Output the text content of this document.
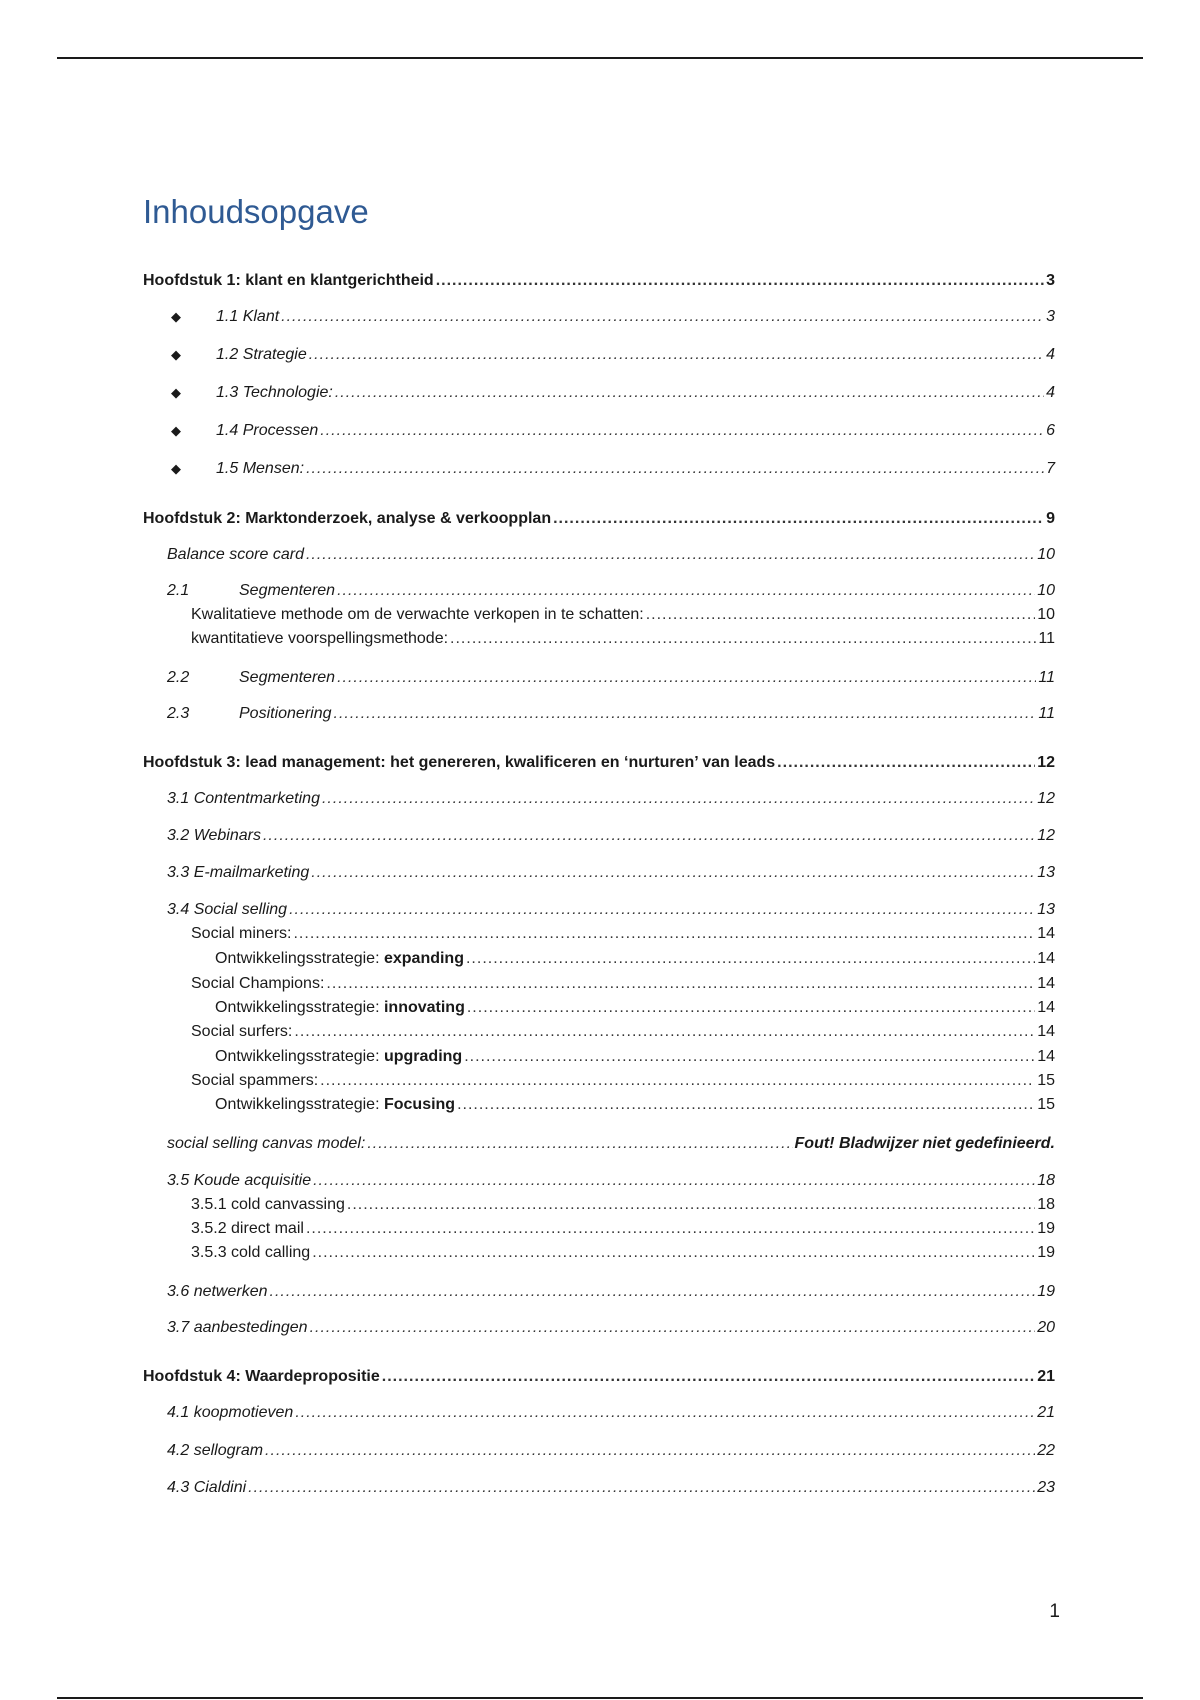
Inhoudsopgave
Hoofdstuk 1: klant en klantgerichtheid .....	3
◆ 1.1 Klant .....	3
◆ 1.2 Strategie .....	4
◆ 1.3 Technologie: .....	4
◆ 1.4 Processen .....	6
◆ 1.5 Mensen: .....	7
Hoofdstuk 2: Marktonderzoek, analyse & verkoopplan .....	9
Balance score card .....	10
2.1	Segmenteren .....	10
Kwalitatieve methode om de verwachte verkopen in te schatten: .....	10
kwantitatieve voorspellingsmethode: .....	11
2.2	Segmenteren .....	11
2.3	Positionering .....	11
Hoofdstuk 3: lead management: het genereren, kwalificeren en ‘nurturen’ van leads .....	12
3.1 Contentmarketing .....	12
3.2 Webinars .....	12
3.3 E-mailmarketing .....	13
3.4 Social selling .....	13
Social miners: .....	14
Ontwikkelingsstrategie: expanding .....	14
Social Champions: .....	14
Ontwikkelingsstrategie: innovating .....	14
Social surfers: .....	14
Ontwikkelingsstrategie: upgrading .....	14
Social spammers: .....	15
Ontwikkelingsstrategie: Focusing .....	15
social selling canvas model: .....	Fout! Bladwijzer niet gedefinieerd.
3.5 Koude acquisitie .....	18
3.5.1 cold canvassing .....	18
3.5.2 direct mail .....	19
3.5.3 cold calling .....	19
3.6 netwerken .....	19
3.7 aanbestedingen .....	20
Hoofdstuk 4: Waardepropositie .....	21
4.1 koopmotieven .....	21
4.2 sellogram .....	22
4.3 Cialdini .....	23
1
